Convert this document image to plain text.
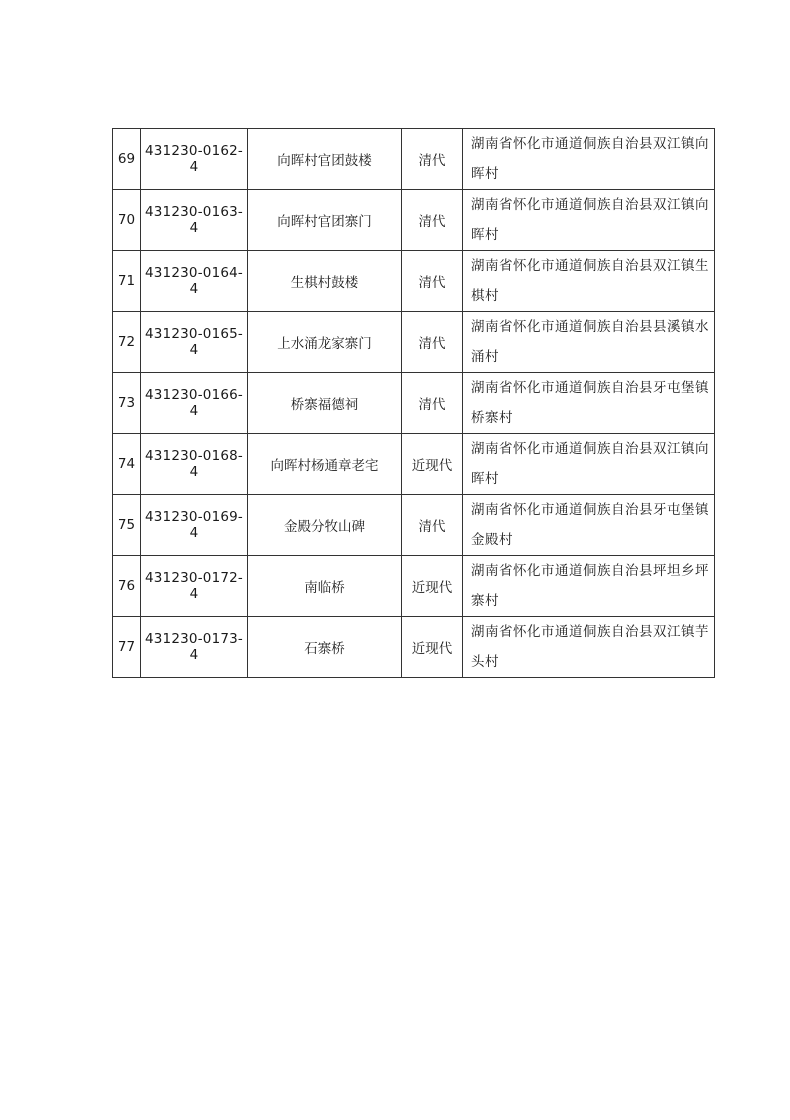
69	431230-0162-4	向晖村官团鼓楼	清代	湖南省怀化市通道侗族自治县双江镇向晖村
70	431230-0163-4	向晖村官团寨门	清代	湖南省怀化市通道侗族自治县双江镇向晖村
71	431230-0164-4	生棋村鼓楼	清代	湖南省怀化市通道侗族自治县双江镇生棋村
72	431230-0165-4	上水涌龙家寨门	清代	湖南省怀化市通道侗族自治县县溪镇水涌村
73	431230-0166-4	桥寨福德祠	清代	湖南省怀化市通道侗族自治县牙屯堡镇桥寨村
74	431230-0168-4	向晖村杨通章老宅	近现代	湖南省怀化市通道侗族自治县双江镇向晖村
75	431230-0169-4	金殿分牧山碑	清代	湖南省怀化市通道侗族自治县牙屯堡镇金殿村
76	431230-0172-4	南临桥	近现代	湖南省怀化市通道侗族自治县坪坦乡坪寨村
77	431230-0173-4	石寨桥	近现代	湖南省怀化市通道侗族自治县双江镇芋头村
